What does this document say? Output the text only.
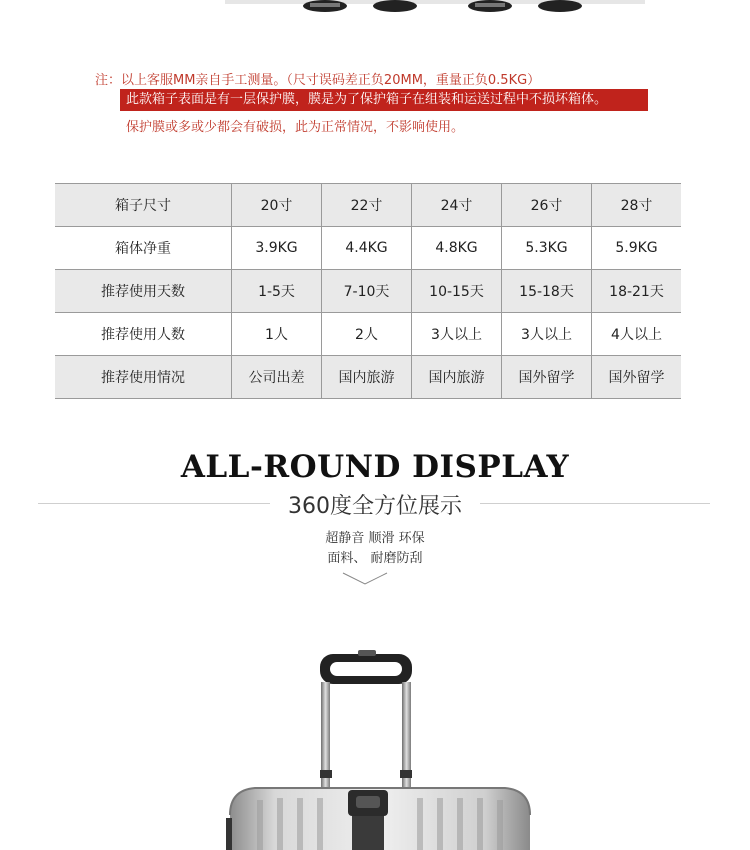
注：以上客服MM亲自手工测量。（尺寸误码差正负20MM，重量正负0.5KG）
此款箱子表面是有一层保护膜，膜是为了保护箱子在组装和运送过程中不损坏箱体。
保护膜或多或少都会有破损，此为正常情况，不影响使用。
箱子尺寸	20寸	22寸	24寸	26寸	28寸
箱体净重	3.9KG	4.4KG	4.8KG	5.3KG	5.9KG
推荐使用天数	1-5天	7-10天	10-15天	15-18天	18-21天
推荐使用人数	1人	2人	3人以上	3人以上	4人以上
推荐使用情况	公司出差	国内旅游	国内旅游	国外留学	国外留学
ALL-ROUND DISPLAY
360度全方位展示
超静音 顺滑 环保
面料、 耐磨防刮
